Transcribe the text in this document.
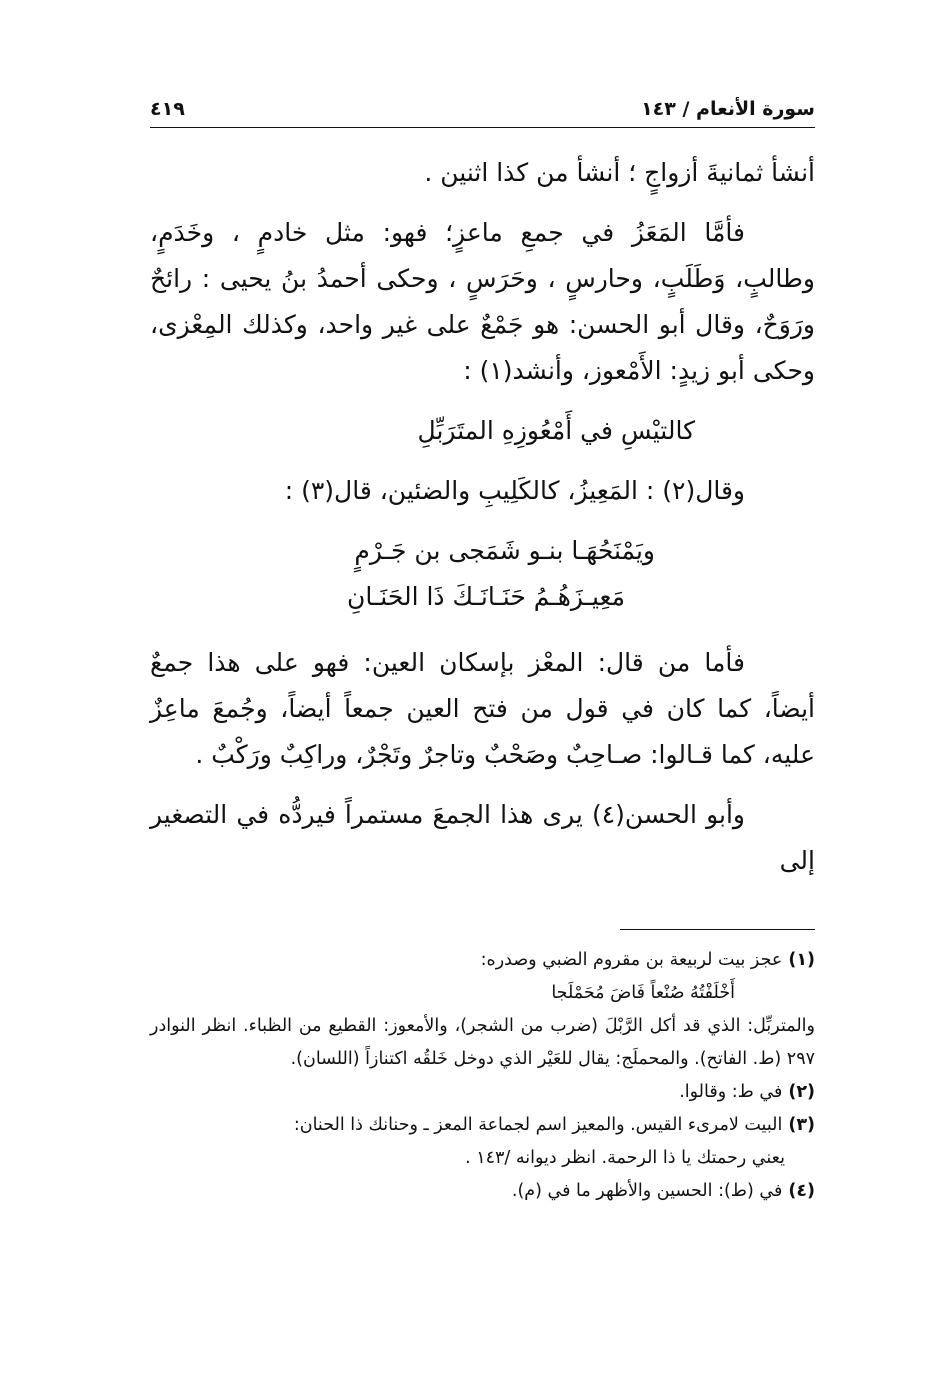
سورة الأنعام / ١٤٣
٤١٩

أنشأ ثمانيةَ أزواجٍ ؛ أنشأ من كذا اثنين .

فأمَّا المَعَزُ في جمعِ ماعزٍ؛ فهو: مثل خادمٍ ، وخَدَمٍ، وطالبٍ، وَطَلَبٍ، وحارسٍ ، وحَرَسٍ ، وحكى أحمدُ بنُ يحيى : رائحٌ ورَوَحٌ، وقال أبو الحسن: هو جَمْعٌ على غير واحد، وكذلك المِعْزى، وحكى أبو زيدٍ: الأَمْعوز، وأنشد(١) :

كالتيْسِ في أَمْعُوزِهِ المتَرَبِّلِ

وقال(٢) : المَعِيزُ، كالكَلِيبِ والضئين، قال(٣) :

ويَمْنَحُهَـا بنـو شَمَجى بن جَـرْمٍ
مَعِيـزَهُـمُ حَنَـانَـكَ ذَا الحَنَـانِ

فأما من قال: المعْز بإسكان العين: فهو على هذا جمعٌ أيضاً، كما كان في قول من فتح العين جمعاً أيضاً، وجُمعَ ماعِزٌ عليه، كما قـالوا: صـاحِبٌ وصَحْبٌ وتاجرٌ وتَجْرٌ، وراكِبٌ ورَكْبٌ .

وأبو الحسن(٤) يرى هذا الجمعَ مستمراً فيردُّه في التصغير إلى

(١)عجز بيت لربيعة بن مقروم الضبي وصدره:

أَخْلَفْتُهُ صُنْعاً فَاضَ مُحَمْلَجا

والمتربِّل: الذي قد أكل الرَّبْلَ (ضرب من الشجر)، والأمعوز: القطيع من الظباء. انظر النوادر ٢٩٧ (ط. الفاتح). والمحملَج: يقال للعَيْر الذي دوخل خَلقُه اكتنازاً (اللسان).

(٢)في ط: وقالوا.

(٣)البيت لامرىء القيس. والمعيز اسم لجماعة المعز ـ وحنانك ذا الحنان:

يعني رحمتك يا ذا الرحمة. انظر ديوانه /١٤٣ .

(٤)في (ط): الحسين والأظهر ما في (م).
